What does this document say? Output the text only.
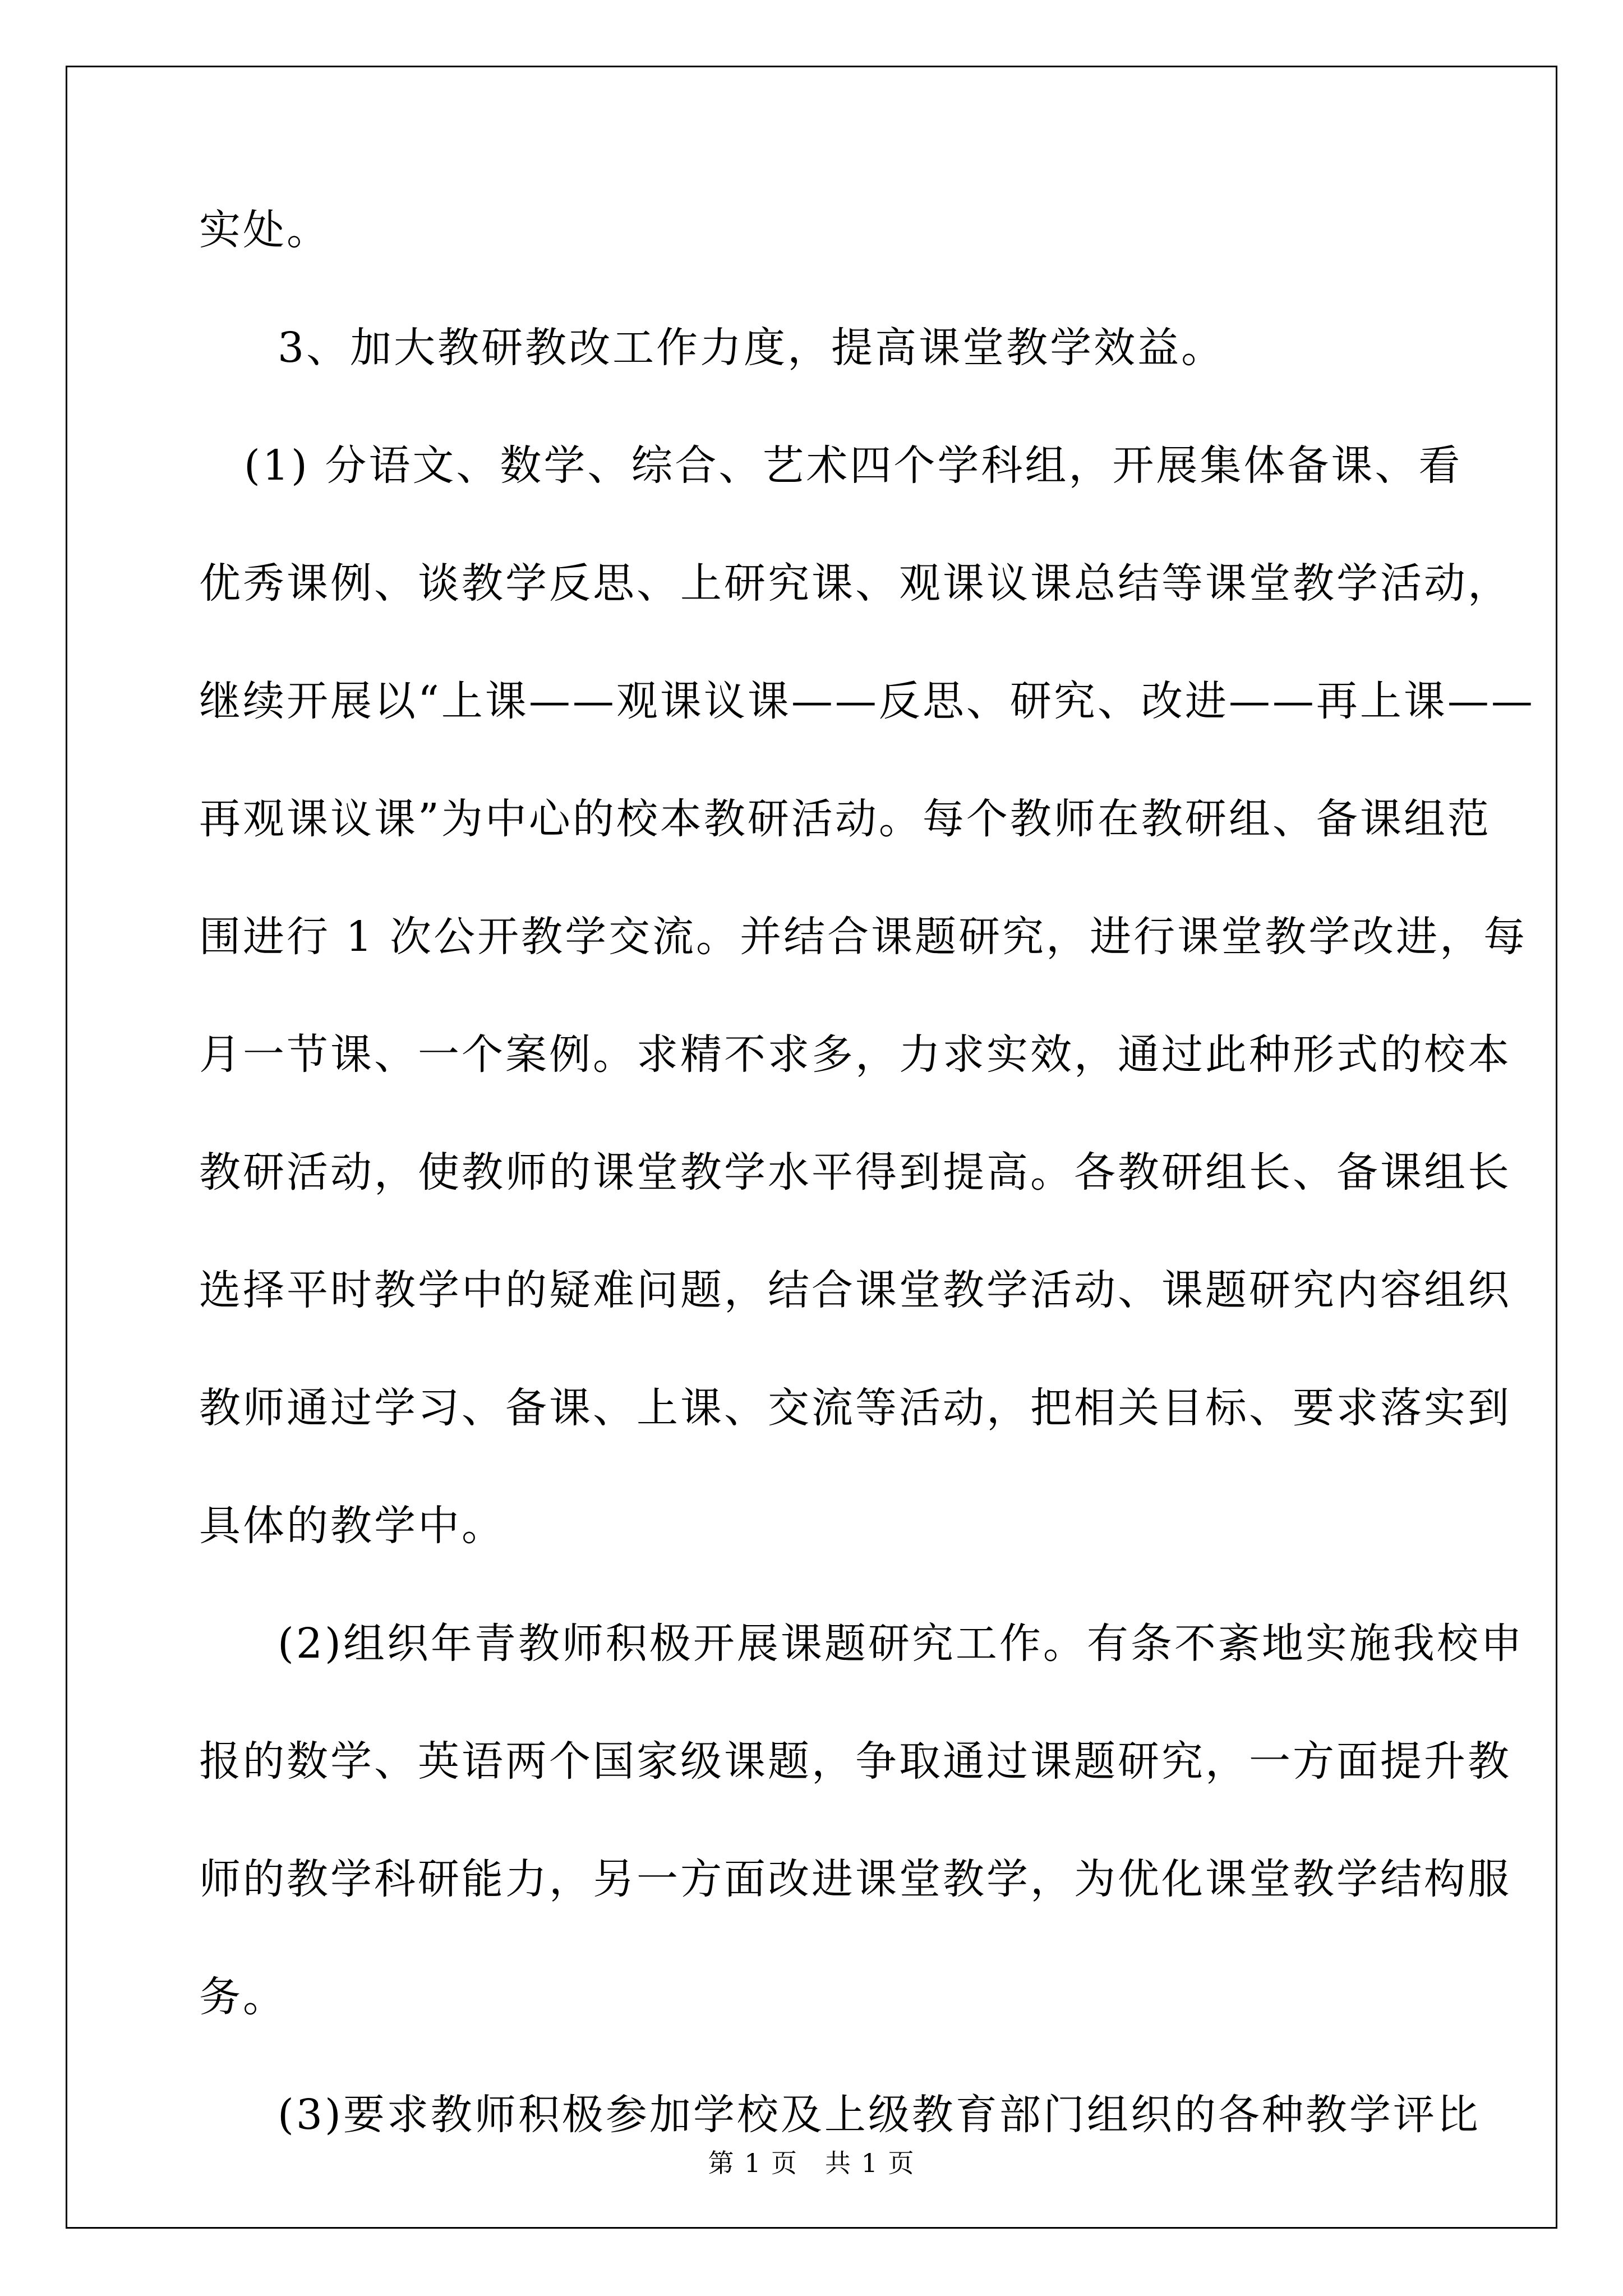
实处。
3、加大教研教改工作力度，提高课堂教学效益。
(1) 分语文、数学、综合、艺术四个学科组，开展集体备课、看
优秀课例、谈教学反思、上研究课、观课议课总结等课堂教学活动，
继续开展以“上课——观课议课——反思、研究、改进——再上课——
再观课议课”为中心的校本教研活动。每个教师在教研组、备课组范
围进行 1 次公开教学交流。并结合课题研究，进行课堂教学改进，每
月一节课、一个案例。求精不求多，力求实效，通过此种形式的校本
教研活动，使教师的课堂教学水平得到提高。各教研组长、备课组长
选择平时教学中的疑难问题，结合课堂教学活动、课题研究内容组织
教师通过学习、备课、上课、交流等活动，把相关目标、要求落实到
具体的教学中。
(2)组织年青教师积极开展课题研究工作。有条不紊地实施我校申
报的数学、英语两个国家级课题，争取通过课题研究，一方面提升教
师的教学科研能力，另一方面改进课堂教学，为优化课堂教学结构服
务。
(3)要求教师积极参加学校及上级教育部门组织的各种教学评比
第 1 页　共 1 页
